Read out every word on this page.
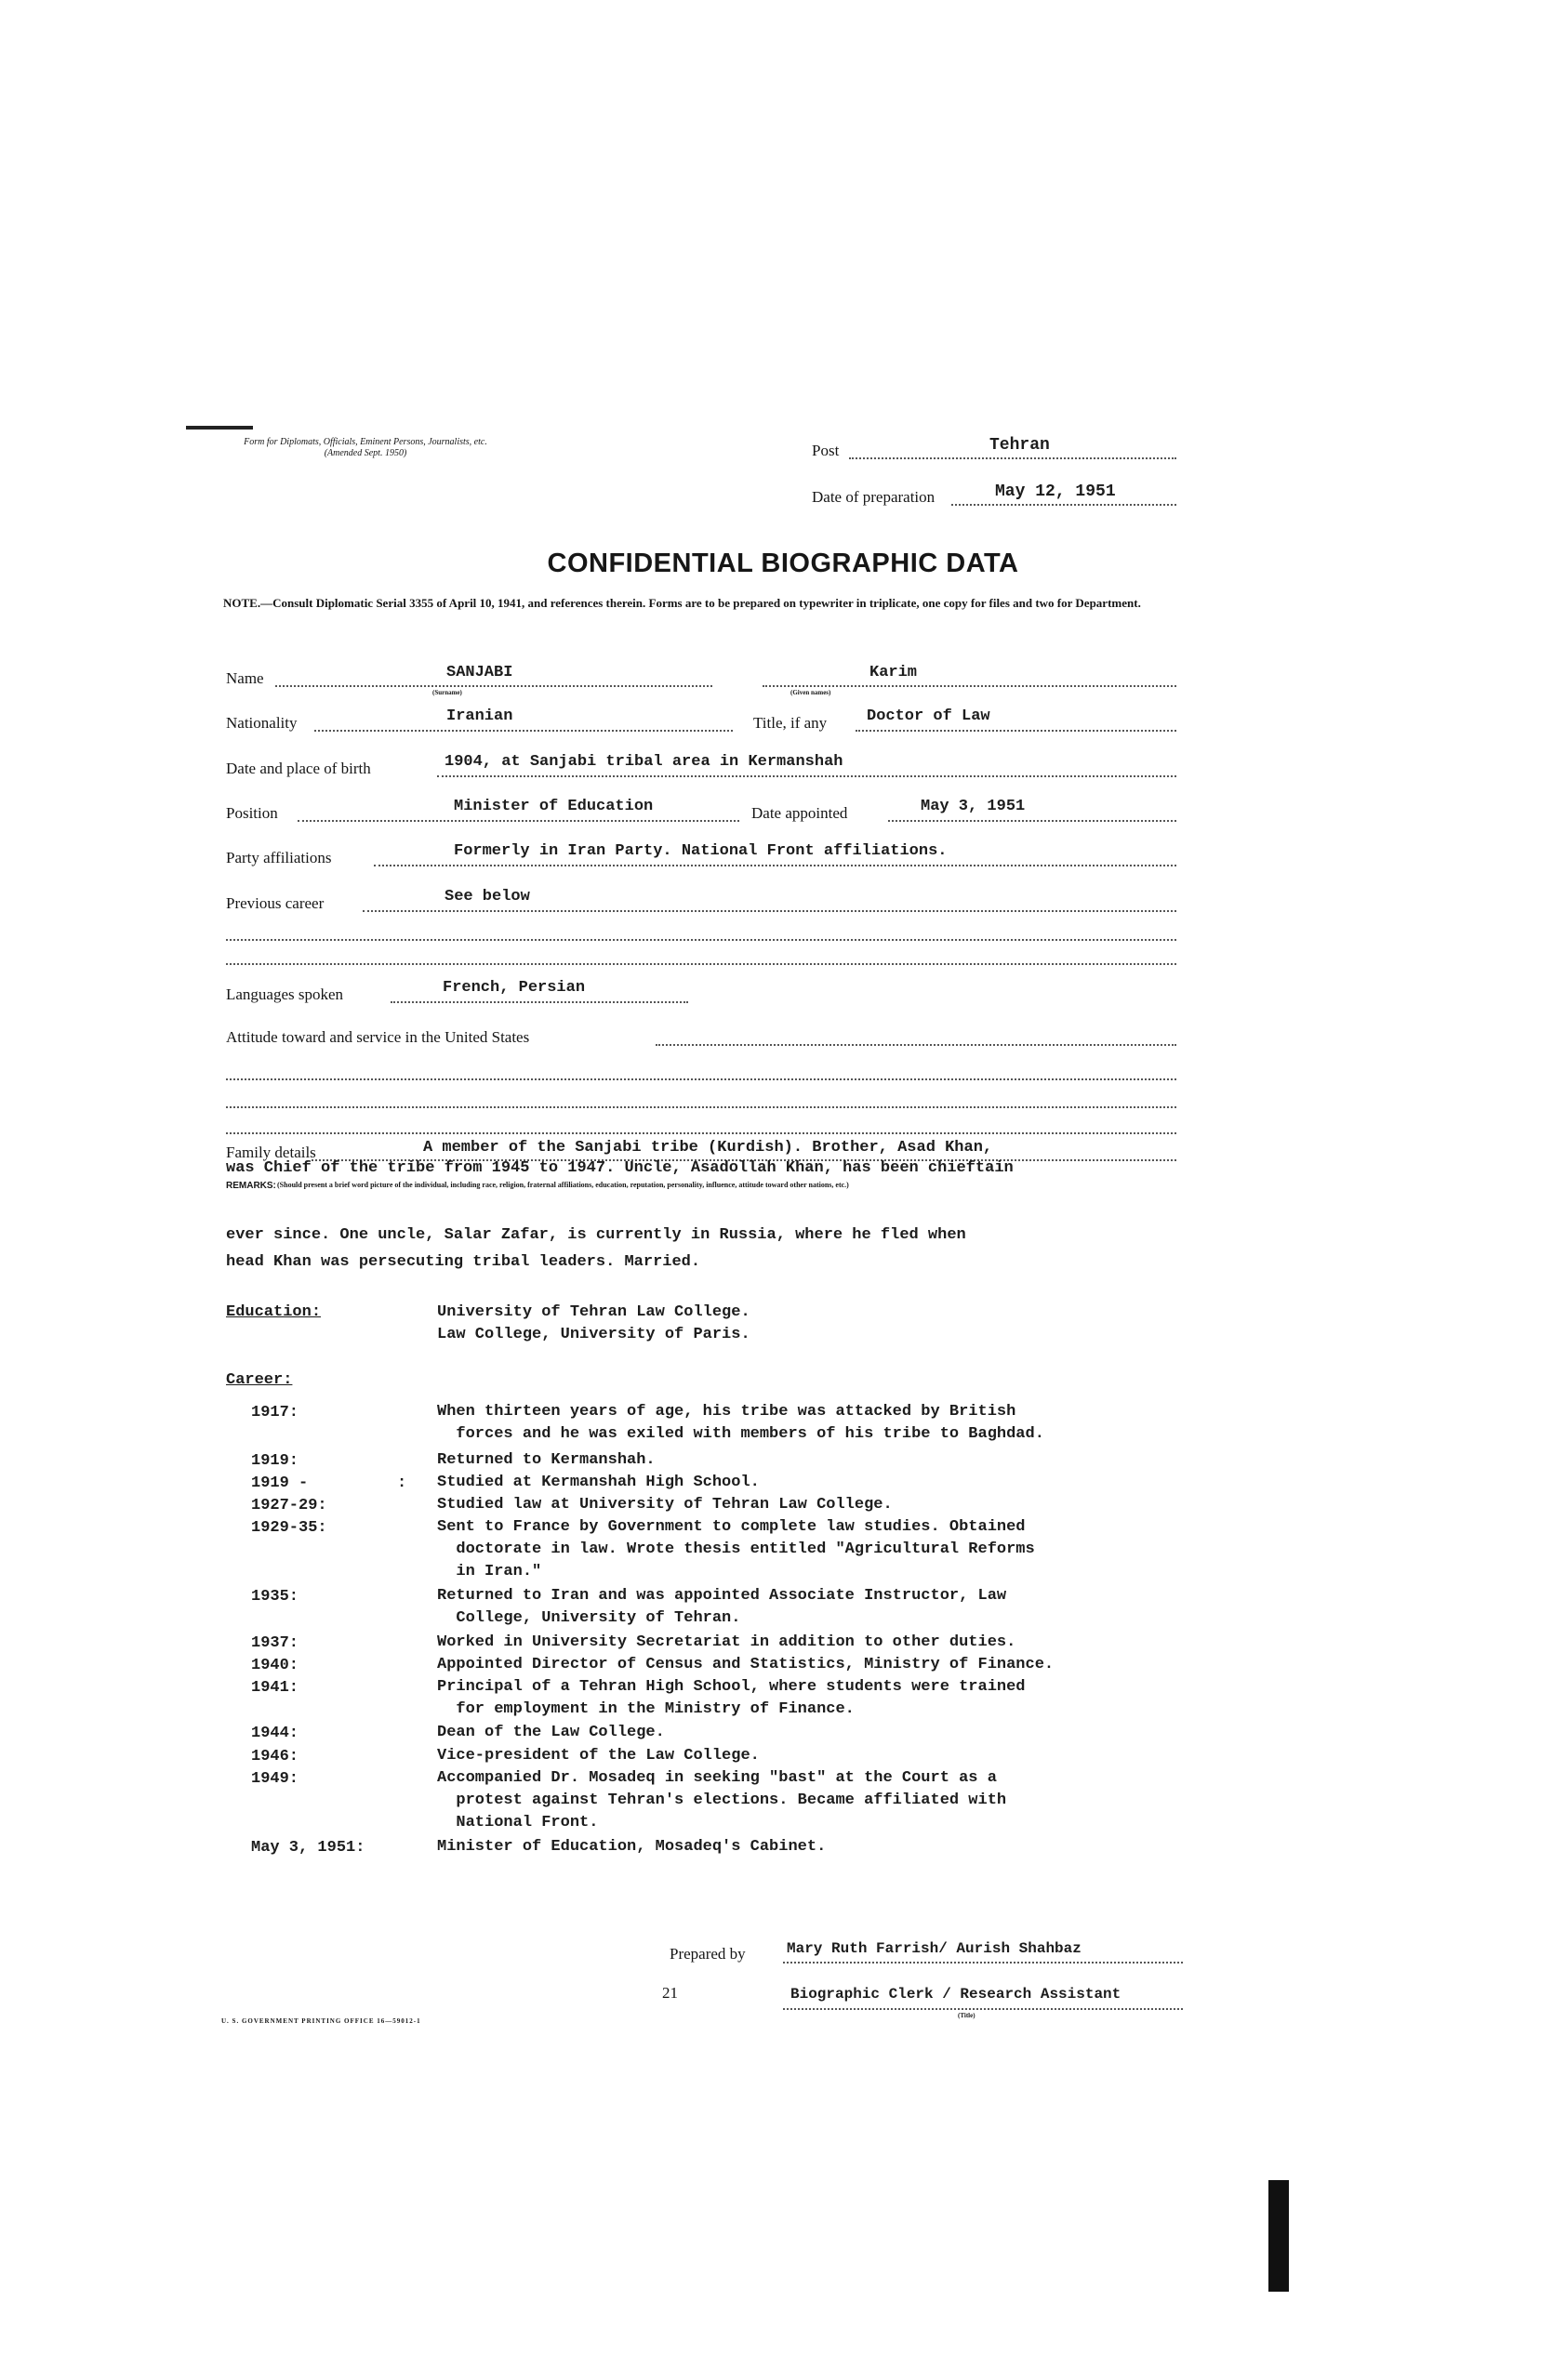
Form for Diplomats, Officials, Eminent Persons, Journalists, etc. (Amended Sept. 1950)	Post	Tehran
Date of preparation	May 12, 1951
CONFIDENTIAL BIOGRAPHIC DATA
NOTE.—Consult Diplomatic Serial 3355 of April 10, 1941, and references therein. Forms are to be prepared on typewriter in triplicate, one copy for files and two for Department.
Name	SANJABI	Karim
(Surname)	(Given names)
Nationality	Iranian	Title, if any	Doctor of Law
Date and place of birth	1904, at Sanjabi tribal area in Kermanshah
Position	Minister of Education	Date appointed	May 3, 1951
Party affiliations	Formerly in Iran Party. National Front affiliations.
Previous career	See below
Languages spoken	French, Persian
Attitude toward and service in the United States
Family details	A member of the Sanjabi tribe (Kurdish). Brother, Asad Khan,
was Chief of the tribe from 1945 to 1947. Uncle, Asadollah Khan, has been chieftain
REMARKS: (Should present a brief word picture of the individual, including race, religion, fraternal affiliations, education, reputation, personality, influence, attitude toward other nations, etc.)
ever since. One uncle, Salar Zafar, is currently in Russia, where he fled when
head Khan was persecuting tribal leaders. Married.
Education:	University of Tehran Law College.
Law College, University of Paris.
Career:
1917:	When thirteen years of age, his tribe was attacked by British
forces and he was exiled with members of his tribe to Baghdad.
1919:	Returned to Kermanshah.
1919 -	: Studied at Kermanshah High School.
1927-29:	Studied law at University of Tehran Law College.
1929-35:	Sent to France by Government to complete law studies. Obtained
doctorate in law. Wrote thesis entitled "Agricultural Reforms
in Iran."
1935:	Returned to Iran and was appointed Associate Instructor, Law
College, University of Tehran.
1937:	Worked in University Secretariat in addition to other duties.
1940:	Appointed Director of Census and Statistics, Ministry of Finance.
1941:	Principal of a Tehran High School, where students were trained
for employment in the Ministry of Finance.
1944:	Dean of the Law College.
1946:	Vice-president of the Law College.
1949:	Accompanied Dr. Mosadeq in seeking "bast" at the Court as a
protest against Tehran's elections. Became affiliated with
National Front.
May 3, 1951:	Minister of Education, Mosadeq's Cabinet.
Prepared by	Mary Ruth Farrish/ Aurish Shahbaz
21	Biographic Clerk / Research Assistant
(Title)
U. S. GOVERNMENT PRINTING OFFICE 16—59012-1
